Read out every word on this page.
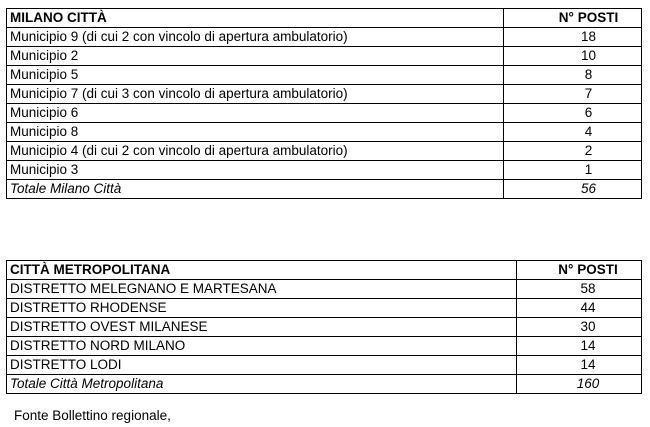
MILANO CITTÀ	N° POSTI
Municipio 9 (di cui 2 con vincolo di apertura ambulatorio)	18
Municipio 2	10
Municipio 5	8
Municipio 7 (di cui 3 con vincolo di apertura ambulatorio)	7
Municipio 6	6
Municipio 8	4
Municipio 4 (di cui 2 con vincolo di apertura ambulatorio)	2
Municipio 3	1
Totale Milano Città	56
CITTÀ METROPOLITANA	N° POSTI
DISTRETTO MELEGNANO E MARTESANA	58
DISTRETTO RHODENSE	44
DISTRETTO OVEST MILANESE	30
DISTRETTO NORD MILANO	14
DISTRETTO LODI	14
Totale Città Metropolitana	160
Fonte Bollettino regionale,
